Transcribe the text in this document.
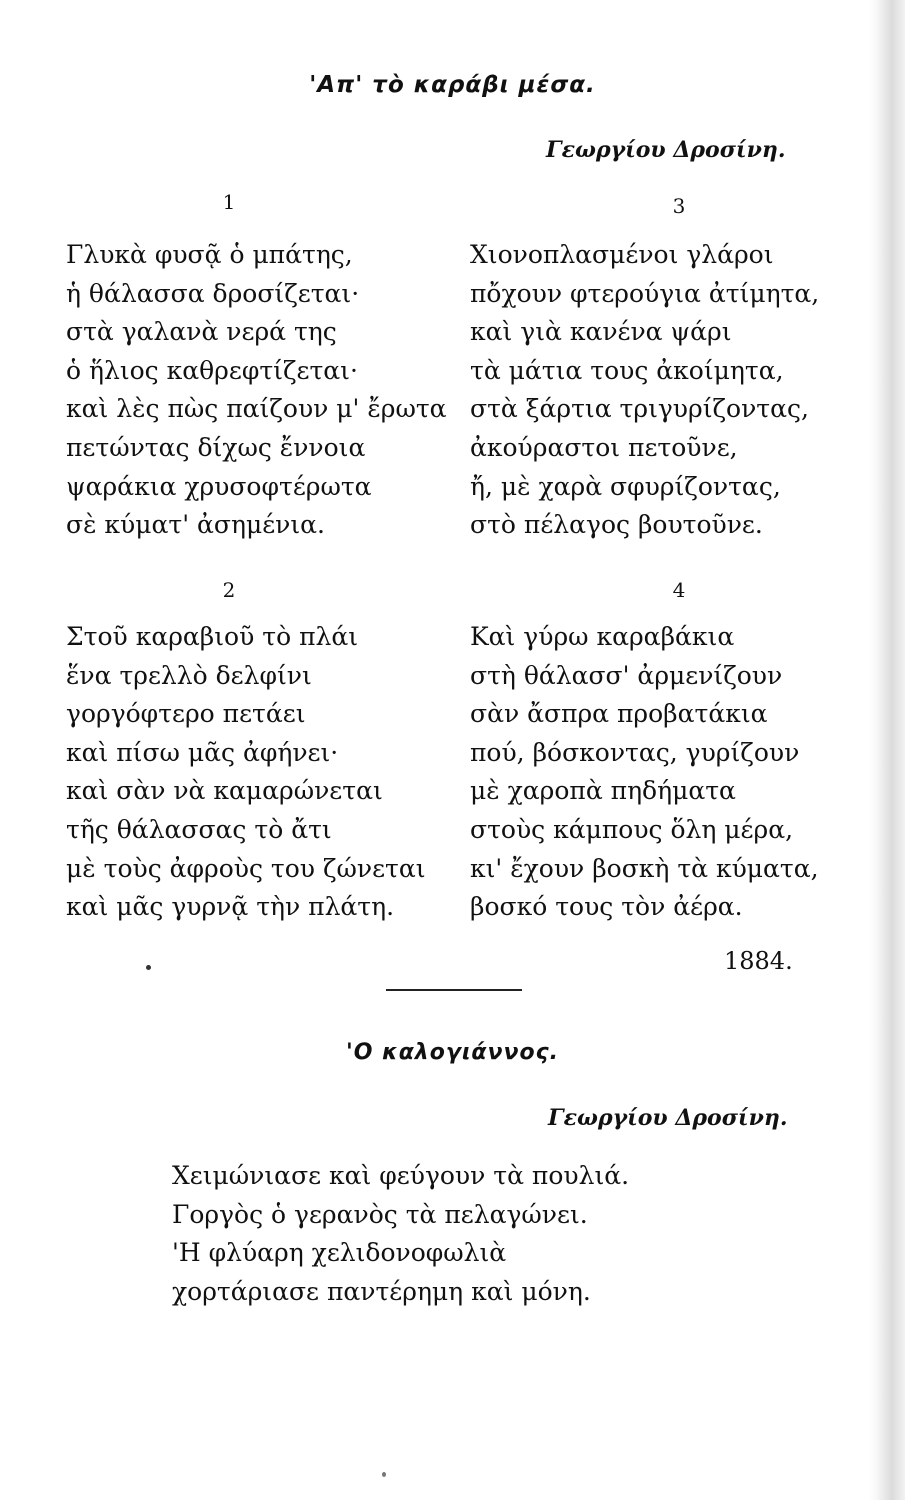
'Απ' τὸ καράβι μέσα.
Γεωργίου Δροσίνη.
1
Γλυκὰ φυσᾷ ὁ μπάτης,
ἡ θάλασσα δροσίζεται·
στὰ γαλανὰ νερά της
ὁ ἥλιος καθρεφτίζεται·
καὶ λὲς πὼς παίζουν μ' ἔρωτα
πετώντας δίχως ἔννοια
ψαράκια χρυσοφτέρωτα
σὲ κύματ' ἀσημένια.
3
Χιονοπλασμένοι γλάροι
πὄχουν φτερούγια ἀτίμητα,
καὶ γιὰ κανένα ψάρι
τὰ μάτια τους ἀκοίμητα,
στὰ ξάρτια τριγυρίζοντας,
ἀκούραστοι πετοῦνε,
ἤ, μὲ χαρὰ σφυρίζοντας,
στὸ πέλαγος βουτοῦνε.
2
Στοῦ καραβιοῦ τὸ πλάι
ἕνα τρελλὸ δελφίνι
γοργόφτερο πετάει
καὶ πίσω μᾶς ἀφήνει·
καὶ σὰν νὰ καμαρώνεται
τῆς θάλασσας τὸ ἄτι
μὲ τοὺς ἀφροὺς του ζώνεται
καὶ μᾶς γυρνᾷ τὴν πλάτη.
4
Καὶ γύρω καραβάκια
στὴ θάλασσ' ἀρμενίζουν
σὰν ἄσπρα προβατάκια
πού, βόσκοντας, γυρίζουν
μὲ χαροπὰ πηδήματα
στοὺς κάμπους ὅλη μέρα,
κι' ἔχουν βοσκὴ τὰ κύματα,
βοσκό τους τὸν ἀέρα.
1884.
'Ο καλογιάννος.
Γεωργίου Δροσίνη.
Χειμώνιασε καὶ φεύγουν τὰ πουλιά.
Γοργὸς ὁ γερανὸς τὰ πελαγώνει.
'Η φλύαρη χελιδονοφωλιὰ
χορτάριασε παντέρημη καὶ μόνη.
